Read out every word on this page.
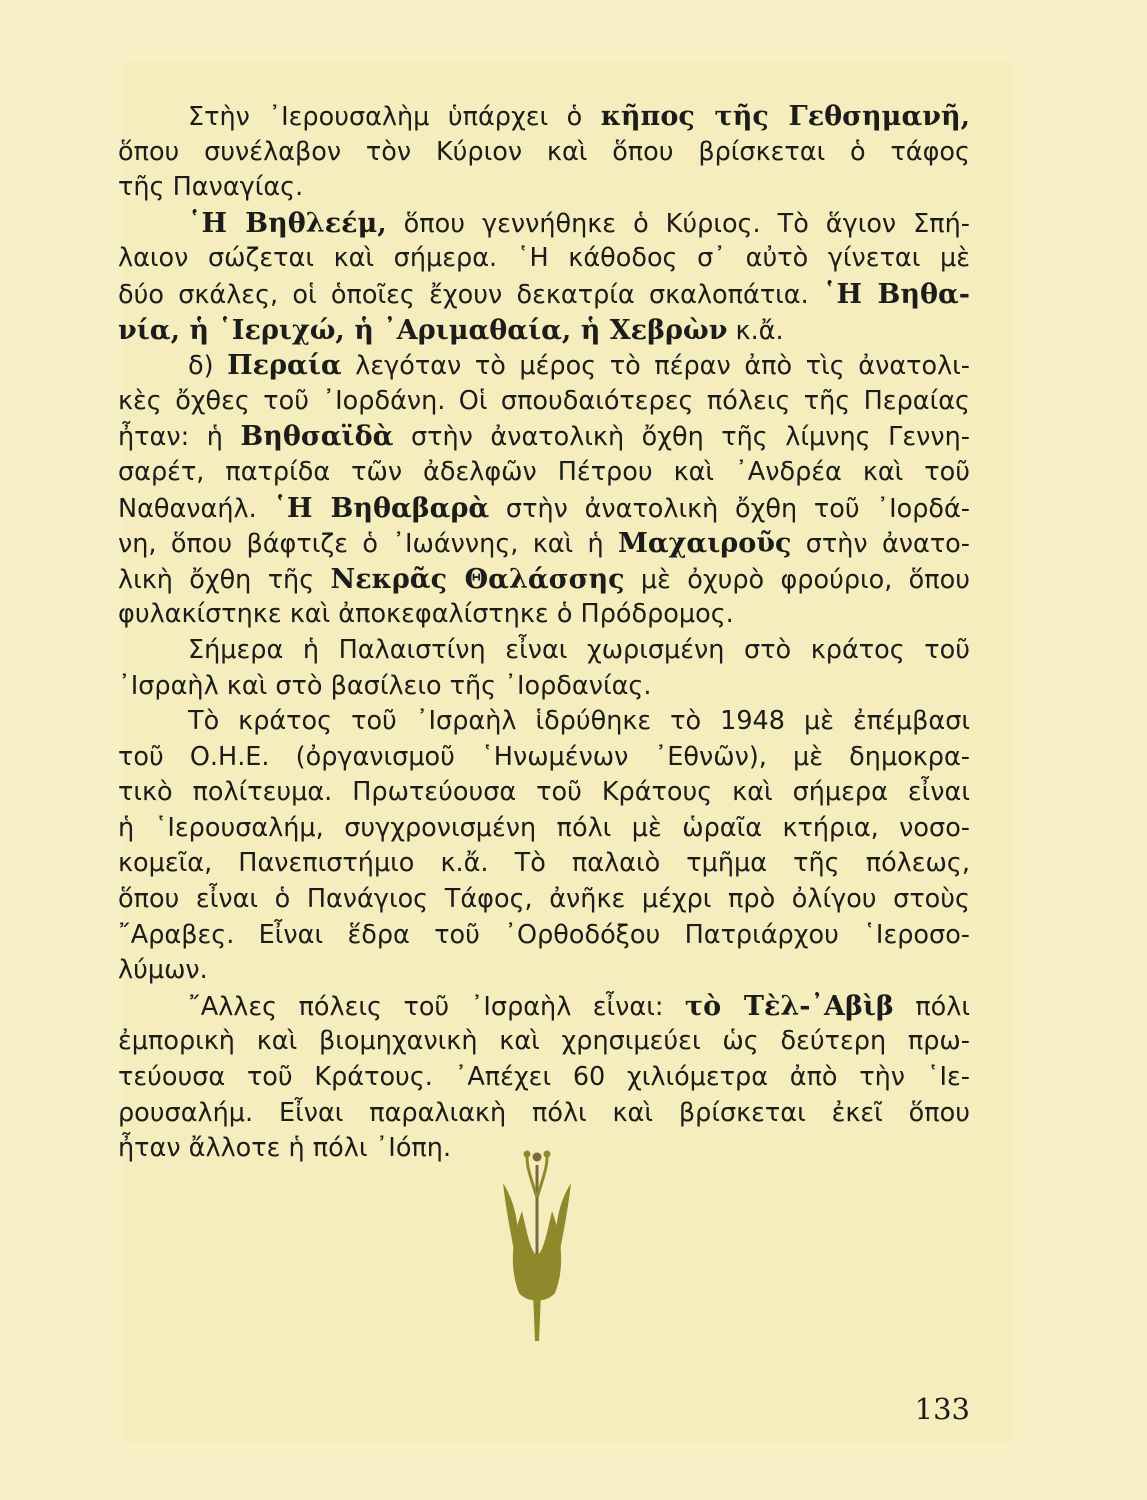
Στὴν ᾿Ιερουσαλὴμ ὑπάρχει ὁ κῆπος τῆς Γεθσημανῆ,
ὅπου συνέλαβον τὸν Κύριον καὶ ὅπου βρίσκεται ὁ τάφος
τῆς Παναγίας.
῾Η Βηθλεέμ, ὅπου γεννήθηκε ὁ Κύριος. Τὸ ἅγιον Σπή-
λαιον σώζεται καὶ σήμερα. ῾Η κάθοδος σ᾽ αὐτὸ γίνεται μὲ
δύο σκάλες, οἱ ὁποῖες ἔχουν δεκατρία σκαλοπάτια. ῾Η Βηθα-
νία, ἡ ῾Ιεριχώ, ἡ ᾽Αριμαθαία, ἡ Χεβρὼν κ.ἄ.
δ) Περαία λεγόταν τὸ μέρος τὸ πέραν ἀπὸ τὶς ἀνατολι-
κὲς ὄχθες τοῦ ᾽Ιορδάνη. Οἱ σπουδαιότερες πόλεις τῆς Περαίας
ἦταν: ἡ Βηθσαϊδὰ στὴν ἀνατολικὴ ὄχθη τῆς λίμνης Γεννη-
σαρέτ, πατρίδα τῶν ἀδελφῶν Πέτρου καὶ ᾽Ανδρέα καὶ τοῦ
Ναθαναήλ. ῾Η Βηθαβαρὰ στὴν ἀνατολικὴ ὄχθη τοῦ ᾽Ιορδά-
νη, ὅπου βάφτιζε ὁ ᾽Ιωάννης, καὶ ἡ Μαχαιροῦς στὴν ἀνατο-
λικὴ ὄχθη τῆς Νεκρᾶς Θαλάσσης μὲ ὀχυρὸ φρούριο, ὅπου
φυλακίστηκε καὶ ἀποκεφαλίστηκε ὁ Πρόδρομος.
Σήμερα ἡ Παλαιστίνη εἶναι χωρισμένη στὸ κράτος τοῦ
᾽Ισραὴλ καὶ στὸ βασίλειο τῆς ᾽Ιορδανίας.
Τὸ κράτος τοῦ ᾽Ισραὴλ ἱδρύθηκε τὸ 1948 μὲ ἐπέμβασι
τοῦ Ο.Η.Ε. (ὀργανισμοῦ ῾Ηνωμένων ᾽Εθνῶν), μὲ δημοκρα-
τικὸ πολίτευμα. Πρωτεύουσα τοῦ Κράτους καὶ σήμερα εἶναι
ἡ ῾Ιερουσαλήμ, συγχρονισμένη πόλι μὲ ὡραῖα κτήρια, νοσο-
κομεῖα, Πανεπιστήμιο κ.ἄ. Τὸ παλαιὸ τμῆμα τῆς πόλεως,
ὅπου εἶναι ὁ Πανάγιος Τάφος, ἀνῆκε μέχρι πρὸ ὀλίγου στοὺς
῎Αραβες. Εἶναι ἕδρα τοῦ ᾽Ορθοδόξου Πατριάρχου ῾Ιεροσο-
λύμων.
῎Αλλες πόλεις τοῦ ᾽Ισραὴλ εἶναι: τὸ Τὲλ-᾽Αβὶβ πόλι
ἐμπορικὴ καὶ βιομηχανικὴ καὶ χρησιμεύει ὡς δεύτερη πρω-
τεύουσα τοῦ Κράτους. ᾽Απέχει 60 χιλιόμετρα ἀπὸ τὴν ῾Ιε-
ρουσαλήμ. Εἶναι παραλιακὴ πόλι καὶ βρίσκεται ἐκεῖ ὅπου
ἦταν ἄλλοτε ἡ πόλι ᾽Ιόπη.
133
